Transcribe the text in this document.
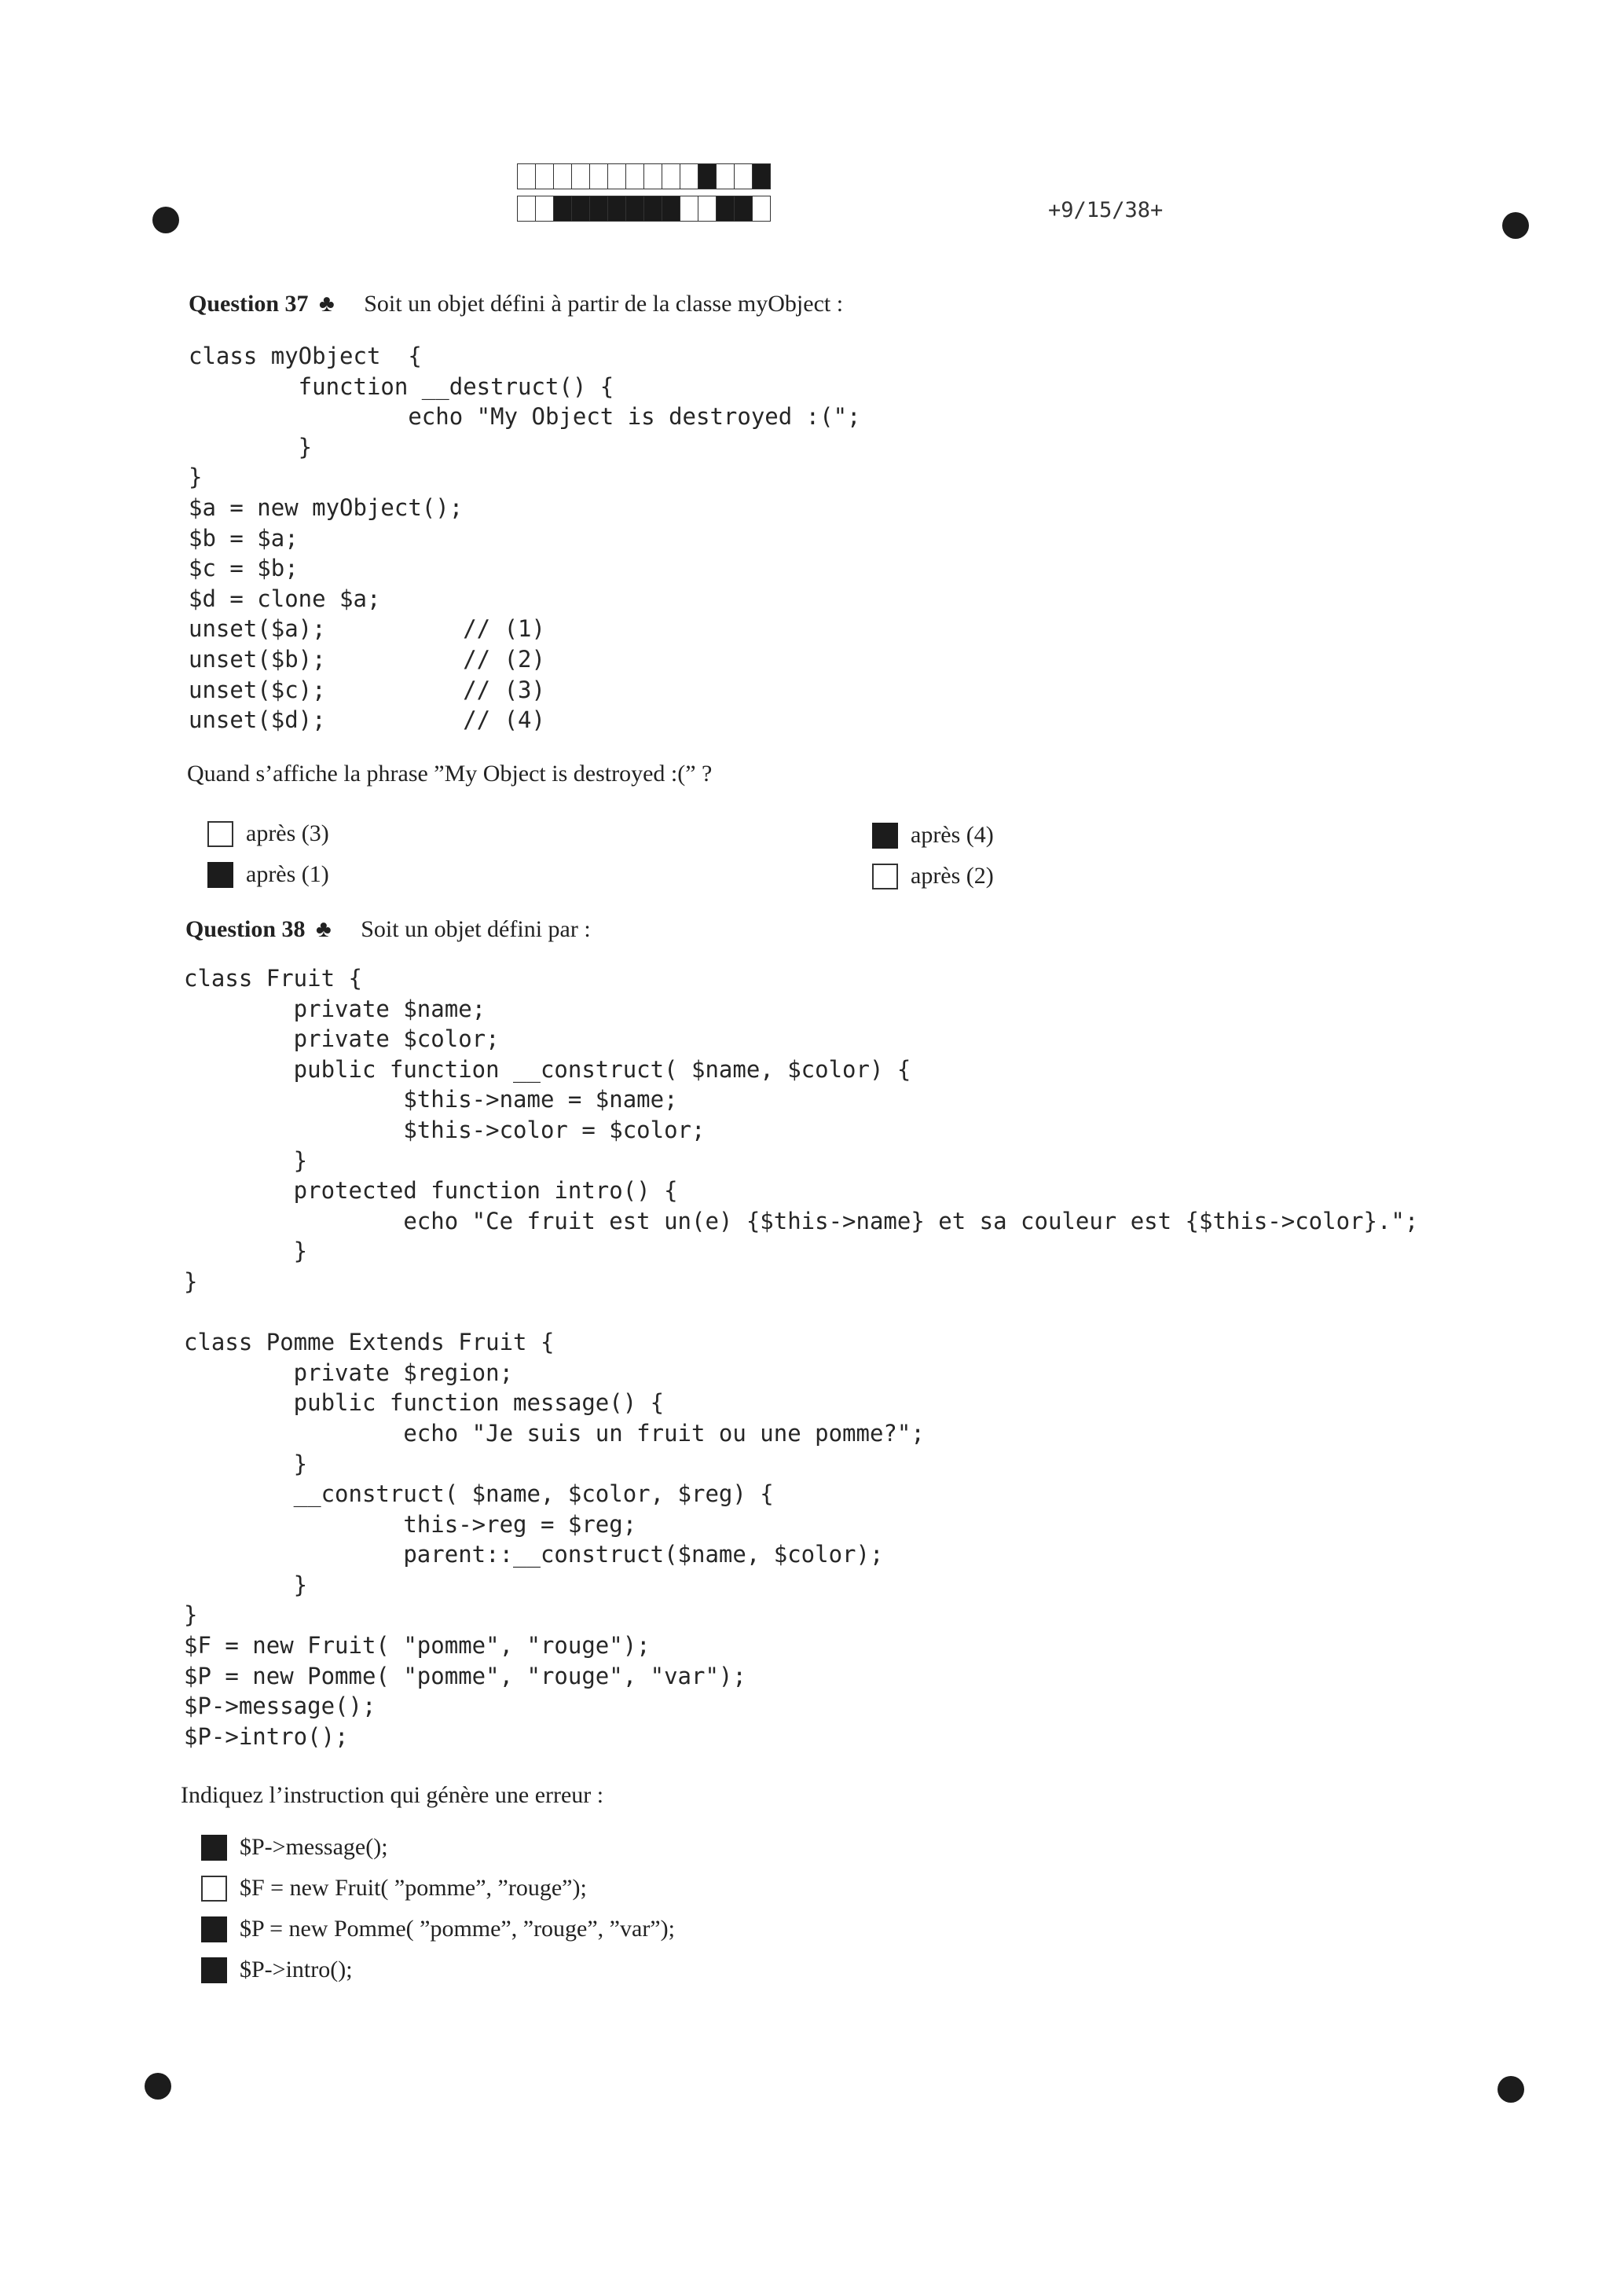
+9/15/38+
Question 37 ♣ Soit un objet défini à partir de la classe myObject :
class myObject  {
function __destruct() {
echo "My Object is destroyed :(";
}
}
$a = new myObject();
$b = $a;
$c = $b;
$d = clone $a;
unset($a);          // (1)
unset($b);          // (2)
unset($c);          // (3)
unset($d);          // (4)
Quand s’affiche la phrase ”My Object is destroyed :(” ?
après (3)
après (1)
après (4)
après (2)
Question 38 ♣ Soit un objet défini par :
class Fruit {
private $name;
private $color;
public function __construct( $name, $color) {
$this->name = $name;
$this->color = $color;
}
protected function intro() {
echo "Ce fruit est un(e) {$this->name} et sa couleur est {$this->color}.";
}
}

class Pomme Extends Fruit {
private $region;
public function message() {
echo "Je suis un fruit ou une pomme?";
}
__construct( $name, $color, $reg) {
this->reg = $reg;
parent::__construct($name, $color);
}
}
$F = new Fruit( "pomme", "rouge");
$P = new Pomme( "pomme", "rouge", "var");
$P->message();
$P->intro();
Indiquez l’instruction qui génère une erreur :
$P->message();
$F = new Fruit( ”pomme”, ”rouge”);
$P = new Pomme( ”pomme”, ”rouge”, ”var”);
$P->intro();
